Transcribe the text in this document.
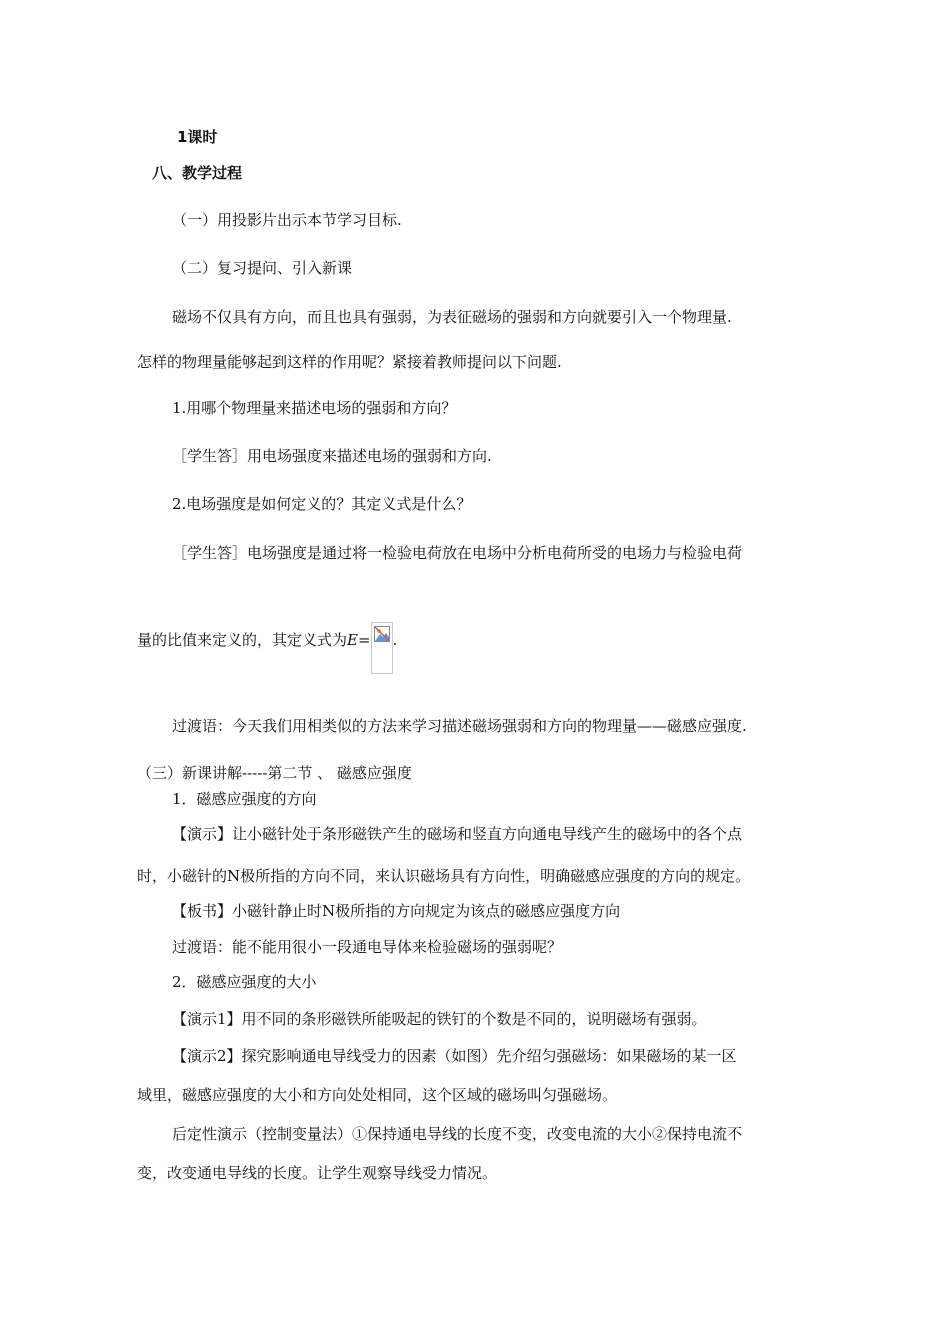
1课时

八、教学过程

（一）用投影片出示本节学习目标.

（二）复习提问、引入新课

磁场不仅具有方向，而且也具有强弱，为表征磁场的强弱和方向就要引入一个物理量.

怎样的物理量能够起到这样的作用呢？紧接着教师提问以下问题.

1.用哪个物理量来描述电场的强弱和方向？

［学生答］用电场强度来描述电场的强弱和方向.

2.电场强度是如何定义的？其定义式是什么？

［学生答］电场强度是通过将一检验电荷放在电场中分析电荷所受的电场力与检验电荷

量的比值来定义的，其定义式为E= .

过渡语：今天我们用相类似的方法来学习描述磁场强弱和方向的物理量——磁感应强度.

（三）新课讲解-----第二节 、 磁感应强度

1．磁感应强度的方向

【演示】让小磁针处于条形磁铁产生的磁场和竖直方向通电导线产生的磁场中的各个点

时，小磁针的N极所指的方向不同，来认识磁场具有方向性，明确磁感应强度的方向的规定。

【板书】小磁针静止时N极所指的方向规定为该点的磁感应强度方向

过渡语：能不能用很小一段通电导体来检验磁场的强弱呢？

2．磁感应强度的大小

【演示1】用不同的条形磁铁所能吸起的铁钉的个数是不同的，说明磁场有强弱。

【演示2】探究影响通电导线受力的因素（如图）先介绍匀强磁场：如果磁场的某一区

域里，磁感应强度的大小和方向处处相同，这个区域的磁场叫匀强磁场。

后定性演示（控制变量法）①保持通电导线的长度不变，改变电流的大小②保持电流不

变，改变通电导线的长度。让学生观察导线受力情况。
